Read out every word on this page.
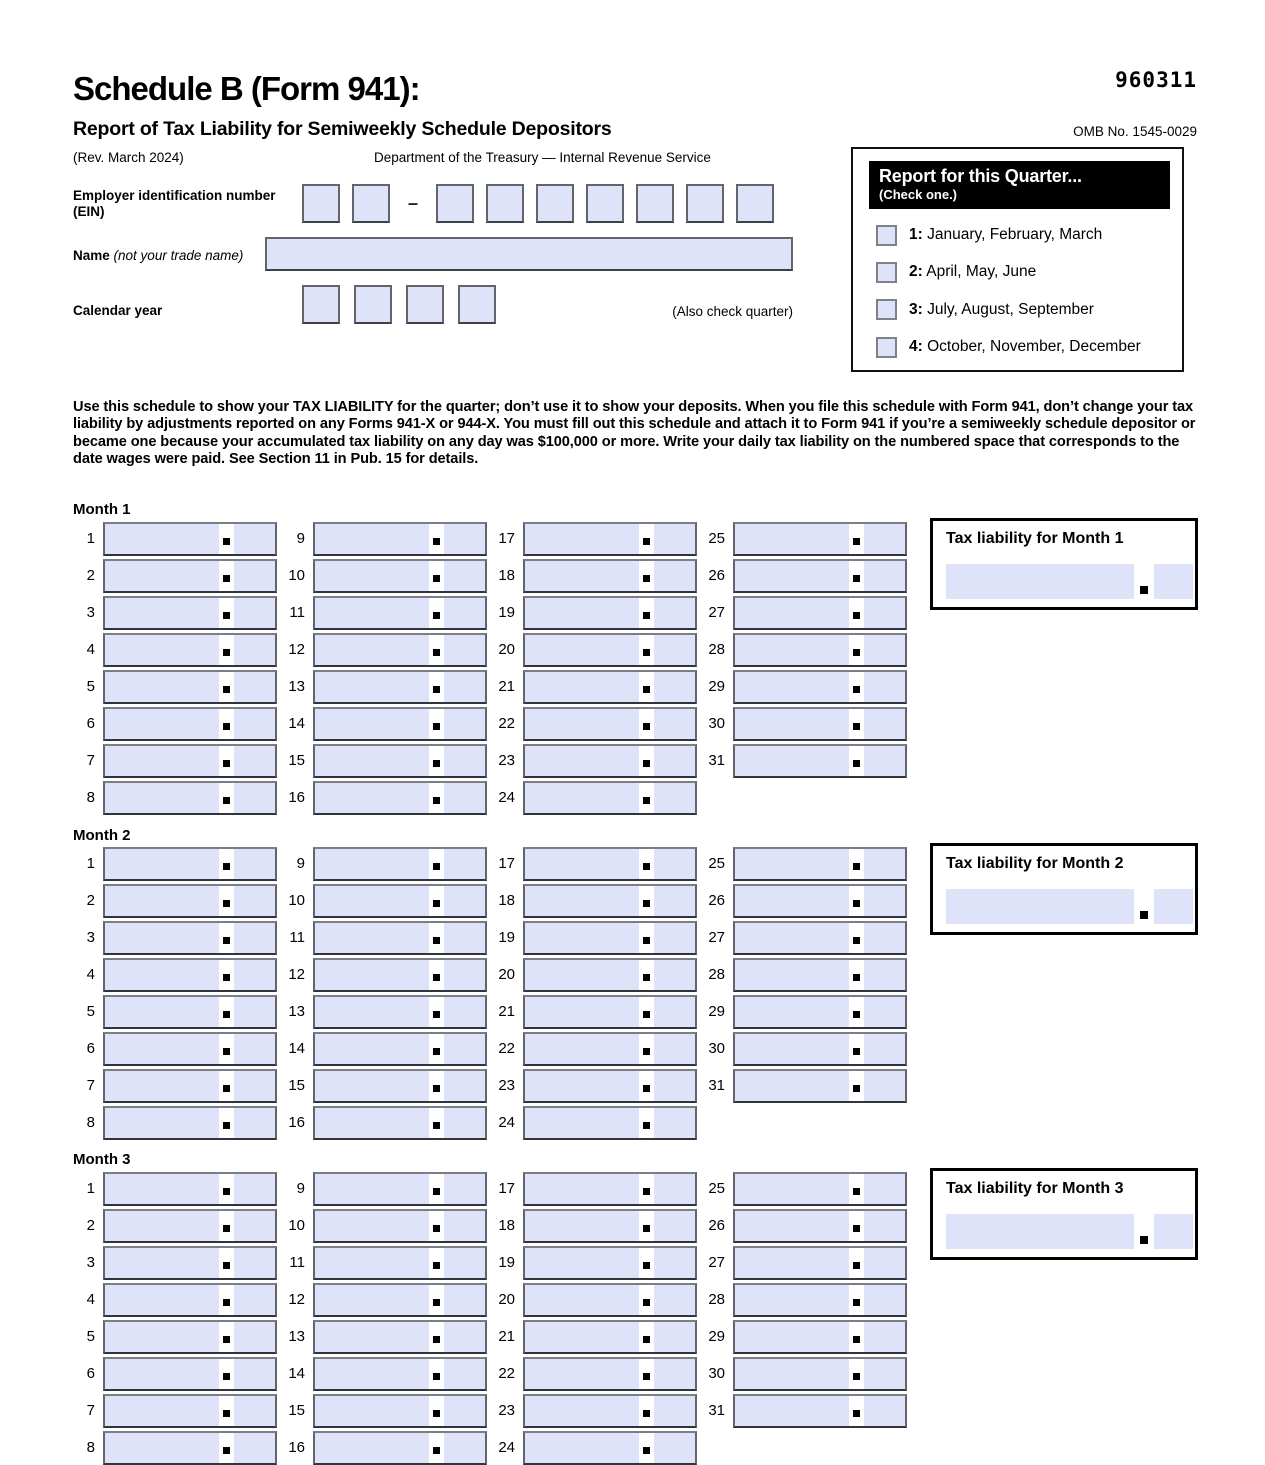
Schedule B (Form 941):	960311
Report of Tax Liability for Semiweekly Schedule Depositors	OMB No. 1545-0029
(Rev. March 2024)	Department of the Treasury — Internal Revenue Service
Employer identification number
(EIN)	–
Name (not your trade name)
Calendar year	(Also check quarter)
Report for this Quarter...
(Check one.)
1: January, February, March
2: April, May, June
3: July, August, September
4: October, November, December

Use this schedule to show your TAX LIABILITY for the quarter; don’t use it to show your deposits. When you file this schedule with Form 941, don’t change your tax liability by adjustments reported on any Forms 941-X or 944-X. You must fill out this schedule and attach it to Form 941 if you’re a semiweekly schedule depositor or became one because your accumulated tax liability on any day was $100,000 or more. Write your daily tax liability on the numbered space that corresponds to the date wages were paid. See Section 11 in Pub. 15 for details.

Month 1
1
2
3
4
5
6
7
8
9
10
11
12
13
14
15
16
17
18
19
20
21
22
23
24
25
26
27
28
29
30
31
Tax liability for Month 1
Month 2
1
2
3
4
5
6
7
8
9
10
11
12
13
14
15
16
17
18
19
20
21
22
23
24
25
26
27
28
29
30
31
Tax liability for Month 2
Month 3
1
2
3
4
5
6
7
8
9
10
11
12
13
14
15
16
17
18
19
20
21
22
23
24
25
26
27
28
29
30
31
Tax liability for Month 3
